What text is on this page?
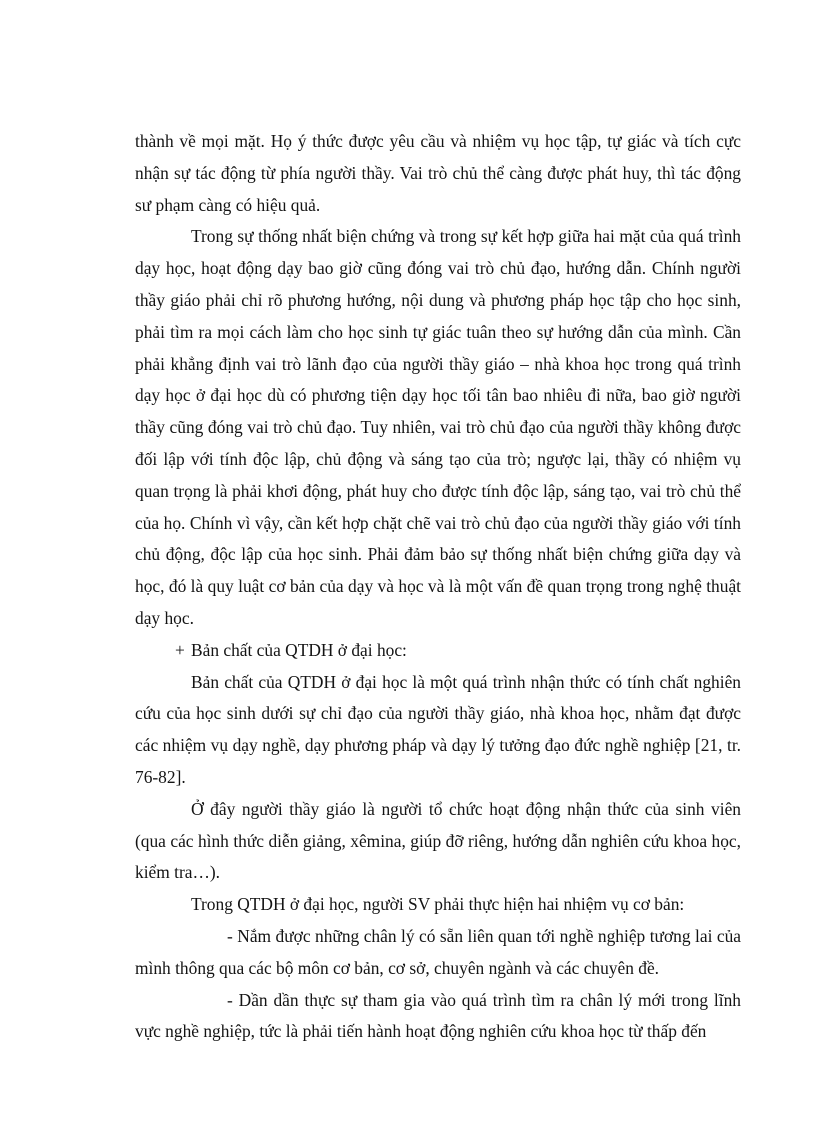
thành về mọi mặt. Họ ý thức được yêu cầu và nhiệm vụ học tập, tự giác và tích cực nhận sự tác động từ phía người thầy. Vai trò chủ thể càng được phát huy, thì tác động sư phạm càng có hiệu quả.

Trong sự thống nhất biện chứng và trong sự kết hợp giữa hai mặt của quá trình dạy học, hoạt động dạy bao giờ cũng đóng vai trò chủ đạo, hướng dẫn. Chính người thầy giáo phải chỉ rõ phương hướng, nội dung và phương pháp học tập cho học sinh, phải tìm ra mọi cách làm cho học sinh tự giác tuân theo sự hướng dẫn của mình. Cần phải khẳng định vai trò lãnh đạo của người thầy giáo – nhà khoa học trong quá trình dạy học ở đại học dù có phương tiện dạy học tối tân bao nhiêu đi nữa, bao giờ người thầy cũng đóng vai trò chủ đạo. Tuy nhiên, vai trò chủ đạo của người thầy không được đối lập với tính độc lập, chủ động và sáng tạo của trò; ngược lại, thầy có nhiệm vụ quan trọng là phải khơi động, phát huy cho được tính độc lập, sáng tạo, vai trò chủ thể của họ. Chính vì vậy, cần kết hợp chặt chẽ vai trò chủ đạo của người thầy giáo với tính chủ động, độc lập của học sinh. Phải đảm bảo sự thống nhất biện chứng giữa dạy và học, đó là quy luật cơ bản của dạy và học và là một vấn đề quan trọng trong nghệ thuật dạy học.

+ Bản chất của QTDH ở đại học:

Bản chất của QTDH ở đại học là một quá trình nhận thức có tính chất nghiên cứu của học sinh dưới sự chỉ đạo của người thầy giáo, nhà khoa học, nhằm đạt được các nhiệm vụ dạy nghề, dạy phương pháp và dạy lý tưởng đạo đức nghề nghiệp [21, tr. 76-82].

Ở đây người thầy giáo là người tổ chức hoạt động nhận thức của sinh viên (qua các hình thức diễn giảng, xêmina, giúp đỡ riêng, hướng dẫn nghiên cứu khoa học, kiểm tra…).

Trong QTDH ở đại học, người SV phải thực hiện hai nhiệm vụ cơ bản:

- Nắm được những chân lý có sẵn liên quan tới nghề nghiệp tương lai của mình thông qua các bộ môn cơ bản, cơ sở, chuyên ngành và các chuyên đề.

- Dần dần thực sự tham gia vào quá trình tìm ra chân lý mới trong lĩnh vực nghề nghiệp, tức là phải tiến hành hoạt động nghiên cứu khoa học từ thấp đến
